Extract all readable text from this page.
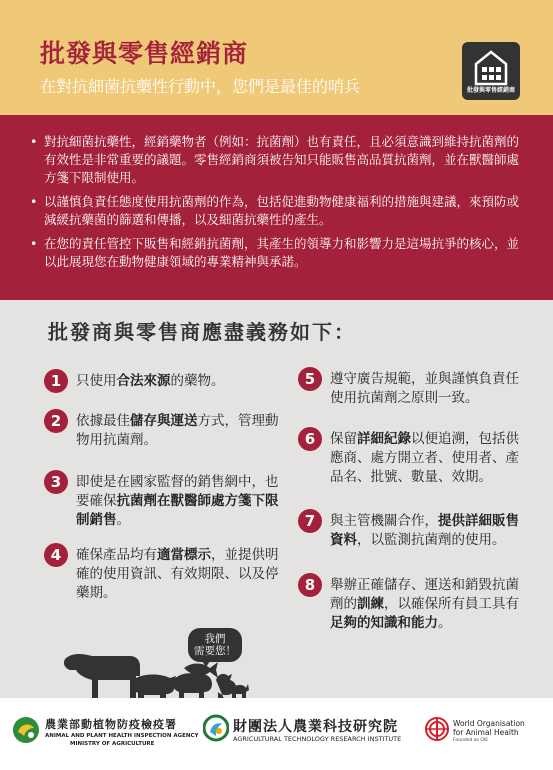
批發與零售經銷商
在對抗細菌抗藥性行動中，您們是最佳的哨兵	批發與零售經銷商
• 對抗細菌抗藥性，經銷藥物者（例如：抗菌劑）也有責任，且必須意識到維持抗菌劑的有效性是非常重要的議題。零售經銷商須被告知只能販售高品質抗菌劑，並在獸醫師處方箋下限制使用。
• 以謹慎負責任態度使用抗菌劑的作為，包括促進動物健康福利的措施與建議，來預防或減緩抗藥菌的篩選和傳播，以及細菌抗藥性的產生。
• 在您的責任管控下販售和經銷抗菌劑，其產生的領導力和影響力是這場抗爭的核心，並以此展現您在動物健康領域的專業精神與承諾。
批發商與零售商應盡義務如下：
1	只使用合法來源的藥物。
2	依據最佳儲存與運送方式，管理動物用抗菌劑。
3	即使是在國家監督的銷售網中，也要確保抗菌劑在獸醫師處方箋下限制銷售。
4	確保產品均有適當標示，並提供明確的使用資訊、有效期限、以及停藥期。
5	遵守廣告規範，並與謹慎負責任使用抗菌劑之原則一致。
6	保留詳細紀錄以便追溯，包括供應商、處方開立者、使用者、產品名、批號、數量、效期。
7	與主管機關合作，提供詳細販售資料，以監測抗菌劑的使用。
8	舉辦正確儲存、運送和銷毀抗菌劑的訓練，以確保所有員工具有足夠的知識和能力。
我們
需要您！
農業部動植物防疫檢疫署
ANIMAL AND PLANT HEALTH INSPECTION AGENCY
MINISTRY OF AGRICULTURE
財團法人農業科技研究院
AGRICULTURAL TECHNOLOGY RESEARCH INSTITUTE
World Organisation
for Animal Health
Founded as OIE
